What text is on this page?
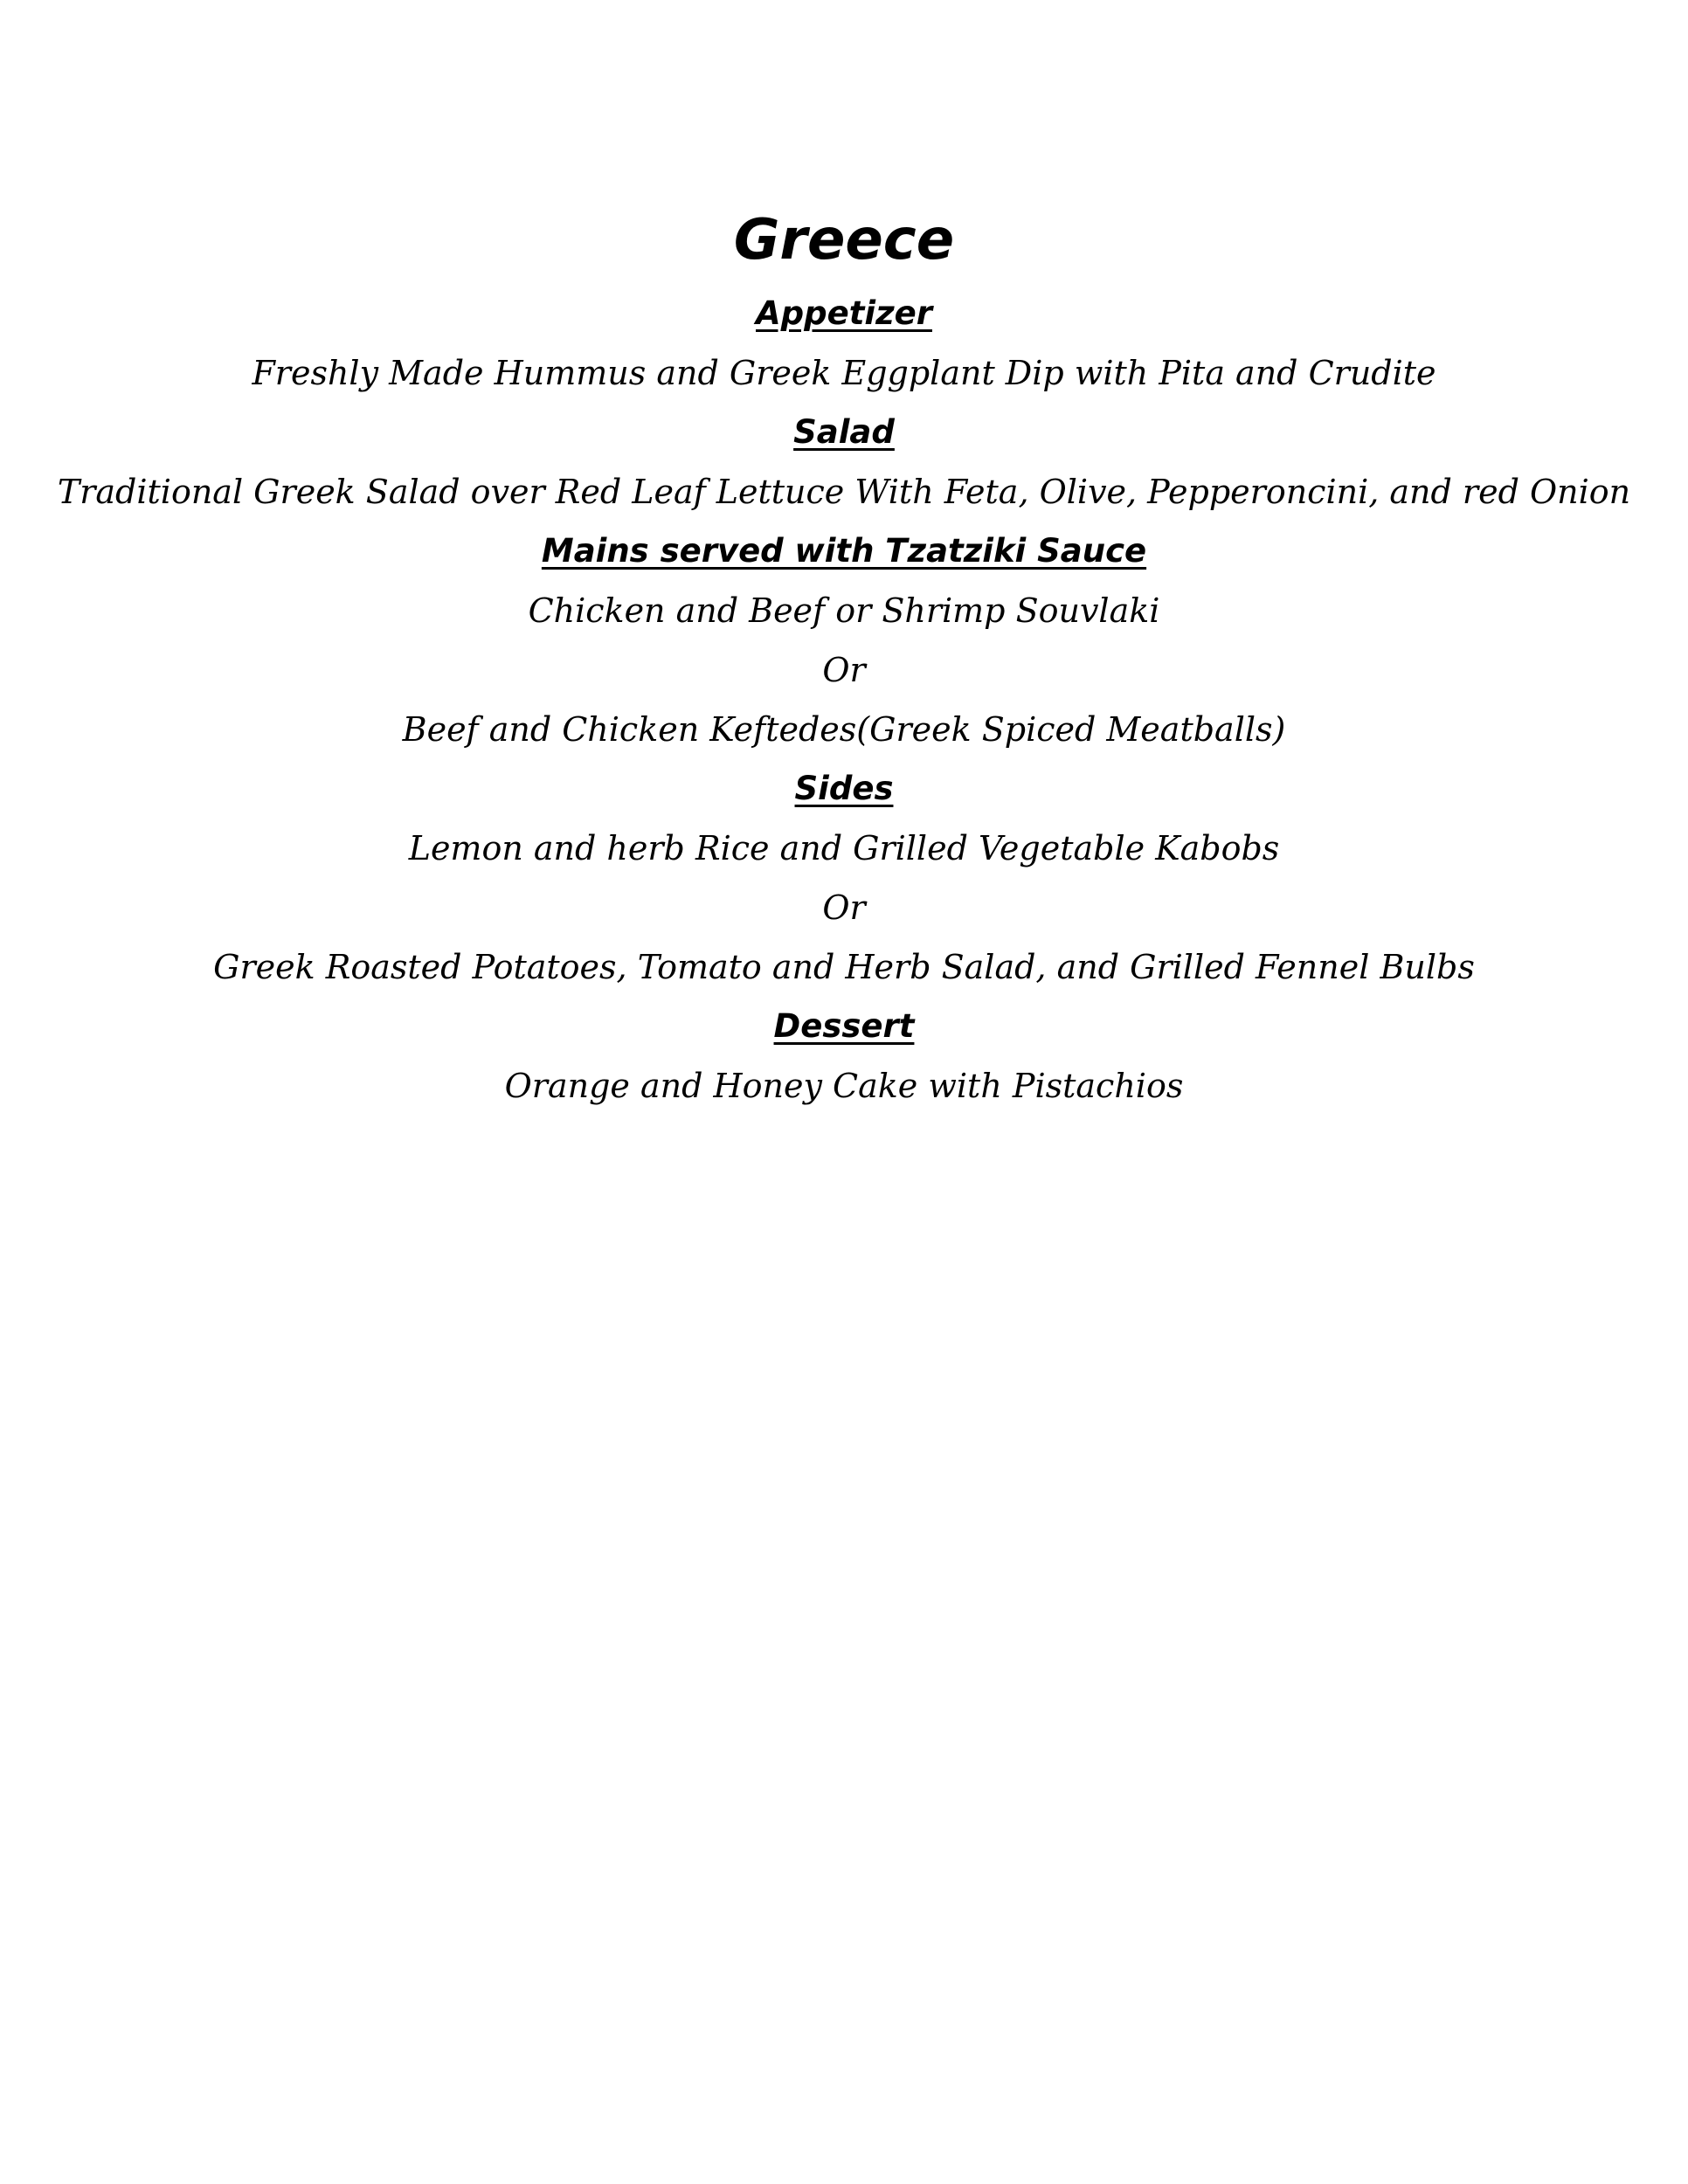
Greece

Appetizer

Freshly Made Hummus and Greek Eggplant Dip with Pita and Crudite

Salad

Traditional Greek Salad over Red Leaf Lettuce With Feta, Olive, Pepperoncini, and red Onion

Mains served with Tzatziki Sauce

Chicken and Beef or Shrimp Souvlaki

Or

Beef and Chicken Keftedes(Greek Spiced Meatballs)

Sides

Lemon and herb Rice and Grilled Vegetable Kabobs

Or

Greek Roasted Potatoes, Tomato and Herb Salad, and Grilled Fennel Bulbs

Dessert

Orange and Honey Cake with Pistachios
